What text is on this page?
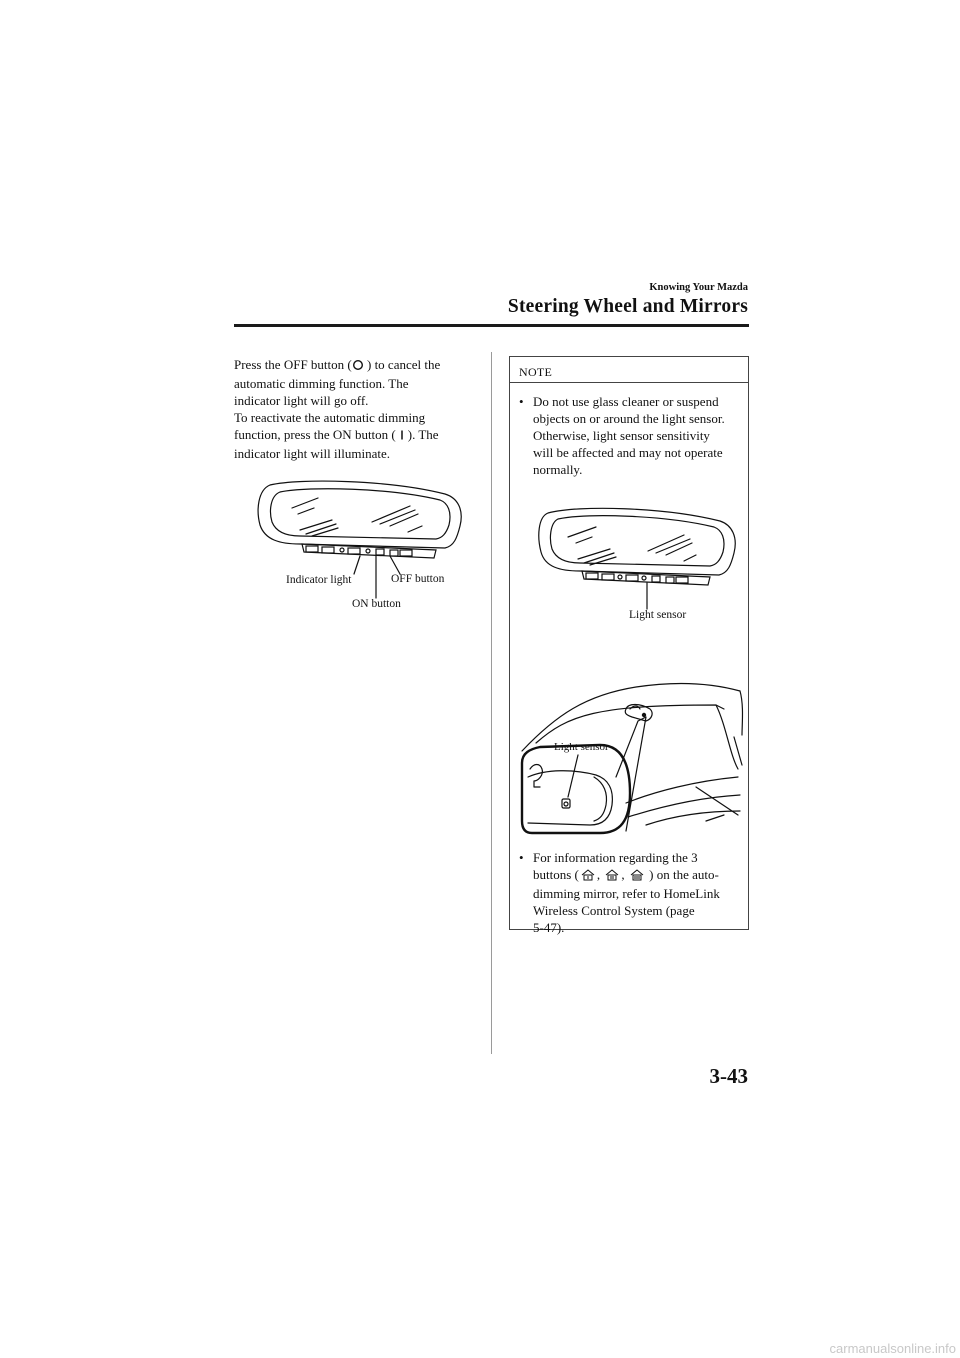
Knowing Your Mazda
Steering Wheel and Mirrors

Press the OFF button ( ) to cancel the

automatic dimming function. The

indicator light will go off.

To reactivate the automatic dimming

function, press the ON button ( ). The

indicator light will illuminate.

Indicator light	OFF button
ON button
NOTE
• Do not use glass cleaner or suspend
objects on or around the light sensor.
Otherwise, light sensor sensitivity
will be affected and may not operate
normally.
Light sensor
Light sensor
• For information regarding the 3
buttons ( , , ) on the auto-
dimming mirror, refer to HomeLink
Wireless Control System (page
5-47).
3-43
carmanualsonline.info
